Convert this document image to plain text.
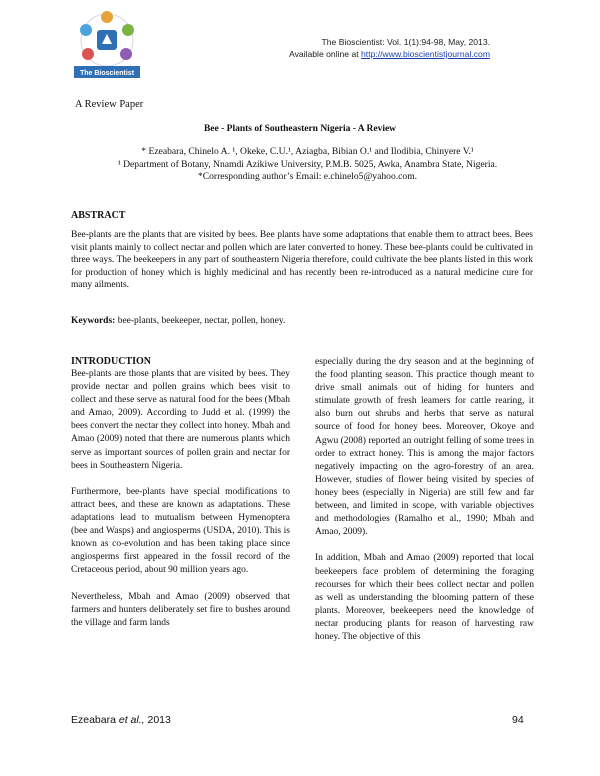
The Bioscientist
The Bioscientist: Vol. 1(1):94-98, May, 2013.
Available online at http://www.bioscientistjournal.com
A Review Paper
Bee - Plants of Southeastern Nigeria - A Review
* Ezeabara, Chinelo A. ¹, Okeke, C.U.¹, Aziagba, Bibian O.¹ and Ilodibia, Chinyere V.¹
¹ Department of Botany, Nnamdi Azikiwe University, P.M.B. 5025, Awka, Anambra State, Nigeria.
*Corresponding author’s Email: e.chinelo5@yahoo.com.
ABSTRACT
Bee-plants are the plants that are visited by bees. Bee plants have some adaptations that enable them to attract bees. Bees visit plants mainly to collect nectar and pollen which are later converted to honey. These bee-plants could be cultivated in three ways. The beekeepers in any part of southeastern Nigeria therefore, could cultivate the bee plants listed in this work for production of honey which is highly medicinal and has recently been re-introduced as a natural medicine cure for many ailments.
Keywords: bee-plants, beekeeper, nectar, pollen, honey.
INTRODUCTION

Bee-plants are those plants that are visited by bees. They provide nectar and pollen grains which bees visit to collect and these serve as natural food for the bees (Mbah and Amao, 2009). According to Judd et al. (1999) the bees convert the nectar they collect into honey. Mbah and Amao (2009) noted that there are numerous plants which serve as important sources of pollen grain and nectar for bees in Southeastern Nigeria.

Furthermore, bee-plants have special modifications to attract bees, and these are known as adaptations. These adaptations lead to mutualism between Hymenoptera (bee and Wasps) and angiosperms (USDA, 2010). This is known as co-evolution and has been taking place since angiosperms first appeared in the fossil record of the Cretaceous period, about 90 million years ago.

Nevertheless, Mbah and Amao (2009) observed that farmers and hunters deliberately set fire to bushes around the village and farm lands

especially during the dry season and at the beginning of the food planting season. This practice though meant to drive small animals out of hiding for hunters and stimulate growth of fresh leamers for cattle rearing, it also burn out shrubs and herbs that serve as natural source of food for honey bees. Moreover, Okoye and Agwu (2008) reported an outright felling of some trees in order to extract honey. This is among the major factors negatively impacting on the agro-forestry of an area. However, studies of flower being visited by species of honey bees (especially in Nigeria) are still few and far between, and limited in scope, with variable objectives and methodologies (Ramalho et al., 1990; Mbah and Amao, 2009).

In addition, Mbah and Amao (2009) reported that local beekeepers face problem of determining the foraging recourses for which their bees collect nectar and pollen as well as understanding the blooming pattern of these plants. Moreover, beekeepers need the knowledge of nectar producing plants for reason of harvesting raw honey. The objective of this

Ezeabara et al., 2013	94
